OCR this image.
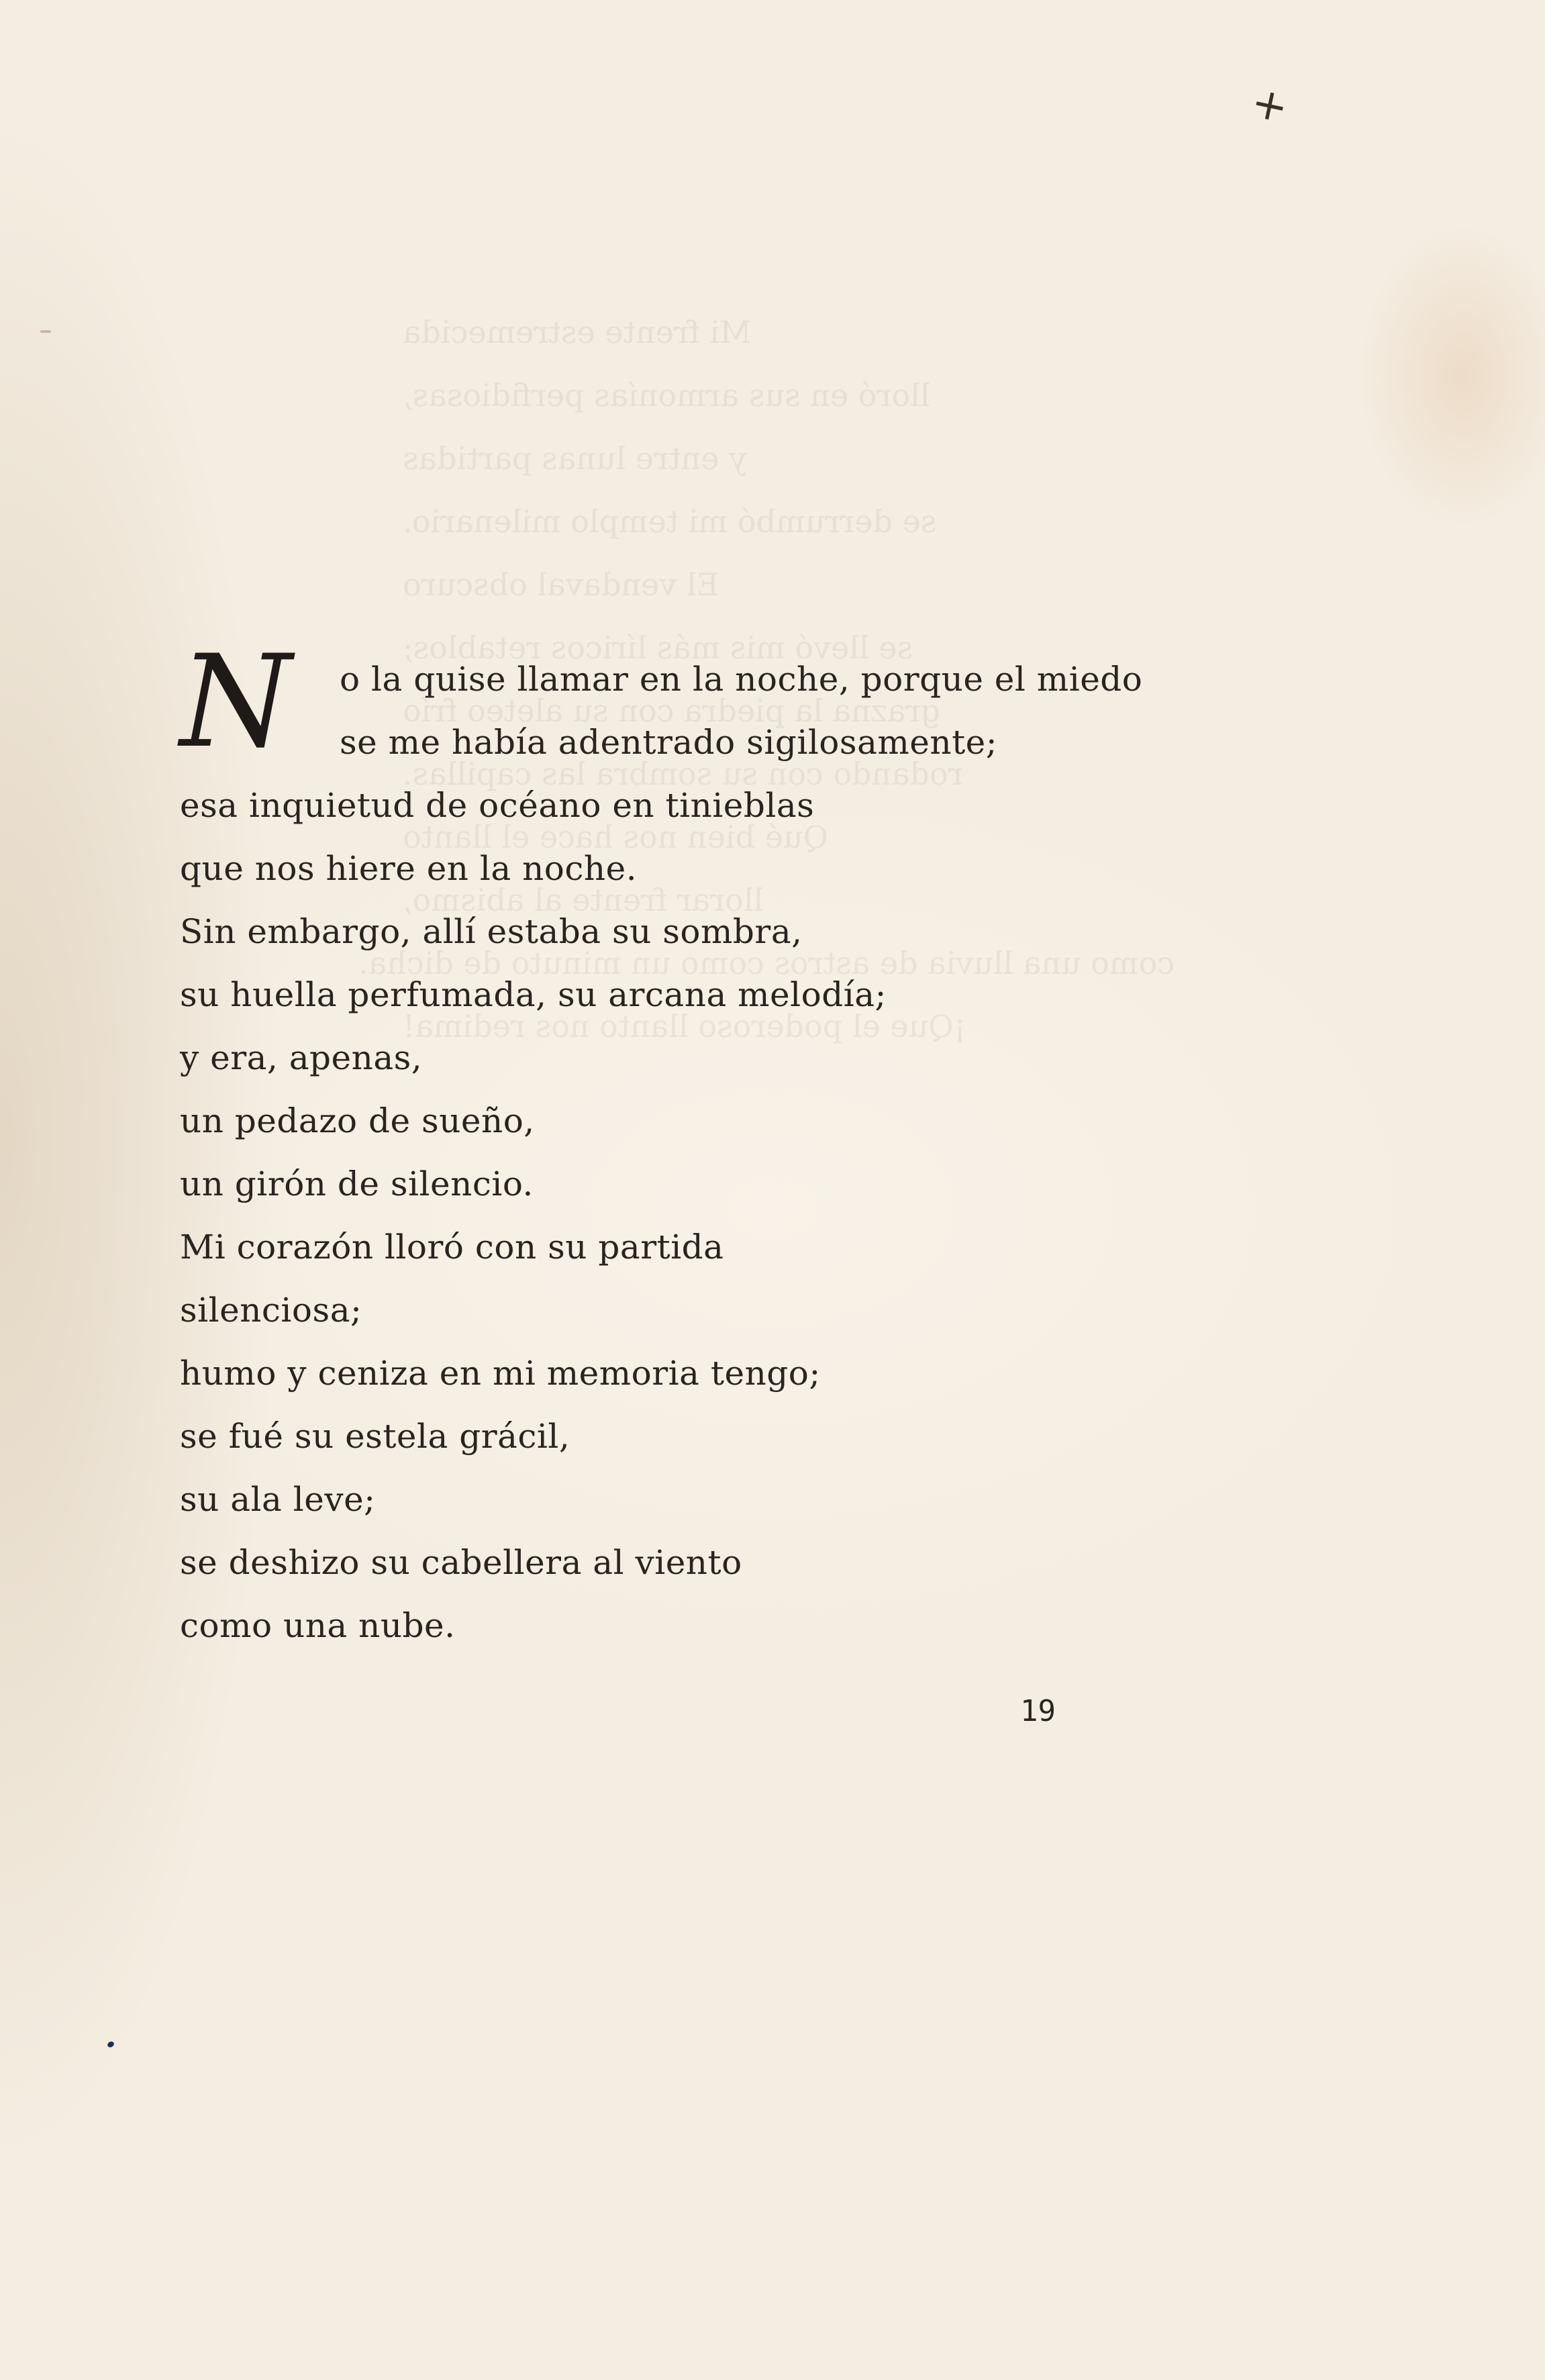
+
Mi frente estremecida
lloró en sus armonías perfidiosas,
y entre lunas partidas
se derrumbó mi templo milenario.
El vendaval obscuro
se llevó mis más líricos retablos;
grazna la piedra con su aleteo frío
rodando con su sombra las capillas.
Qué bien nos hace el llanto
llorar frente al abismo,
como una lluvia de astros como un minuto de dicha.
¡Que el poderoso llanto nos redima!
N o la quise llamar en la noche, porque el miedo
se me había adentrado sigilosamente;
esa inquietud de océano en tinieblas
que nos hiere en la noche.
Sin embargo, allí estaba su sombra,
su huella perfumada, su arcana melodía;
y era, apenas,
un pedazo de sueño,
un girón de silencio.
Mi corazón lloró con su partida
silenciosa;
humo y ceniza en mi memoria tengo;
se fué su estela grácil,
su ala leve;
se deshizo su cabellera al viento
como una nube.
19
